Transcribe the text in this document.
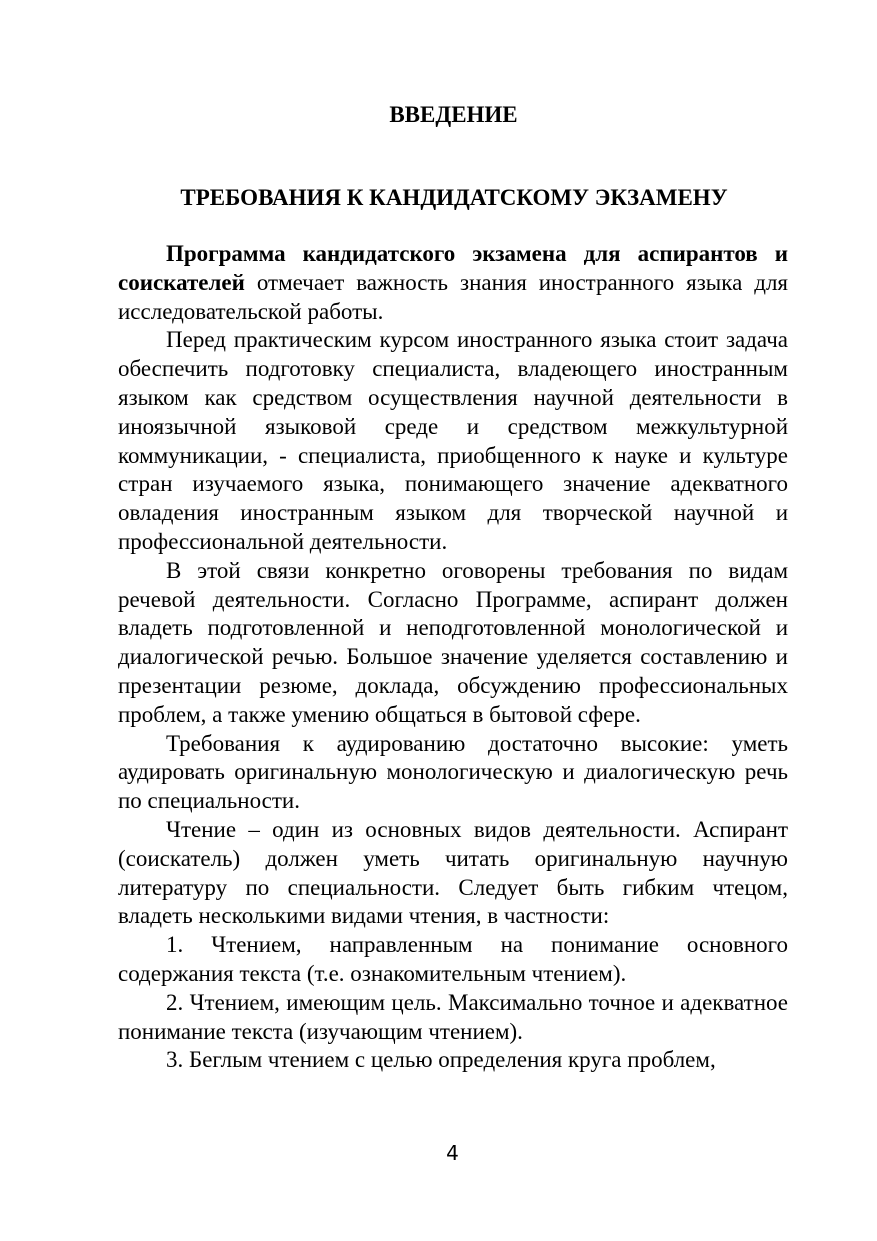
ВВЕДЕНИЕ
ТРЕБОВАНИЯ К КАНДИДАТСКОМУ ЭКЗАМЕНУ

Программа кандидатского экзамена для аспирантов и соискателей отмечает важность знания иностранного языка для исследовательской работы.

Перед практическим курсом иностранного языка стоит задача обеспечить подготовку специалиста, владеющего иностранным языком как средством осуществления научной деятельности в иноязычной языковой среде и средством межкультурной коммуникации, - специалиста, приобщенного к науке и культуре стран изучаемого языка, понимающего значение адекватного овладения иностранным языком для творческой научной и профессиональной деятельности.

В этой связи конкретно оговорены требования по видам речевой деятельности. Согласно Программе, аспирант должен владеть подготовленной и неподготовленной монологической и диалогической речью. Большое значение уделяется составлению и презентации резюме, доклада, обсуждению профессиональных проблем, а также умению общаться в бытовой сфере.

Требования к аудированию достаточно высокие: уметь аудировать оригинальную монологическую и диалогическую речь по специальности.

Чтение – один из основных видов деятельности. Аспирант (соискатель) должен уметь читать оригинальную научную литературу по специальности. Следует быть гибким чтецом, владеть несколькими видами чтения, в частности:

1. Чтением, направленным на понимание основного содержания текста (т.е. ознакомительным чтением).

2. Чтением, имеющим цель. Максимально точное и адекватное понимание текста (изучающим чтением).

3. Беглым чтением с целью определения круга проблем,

4
